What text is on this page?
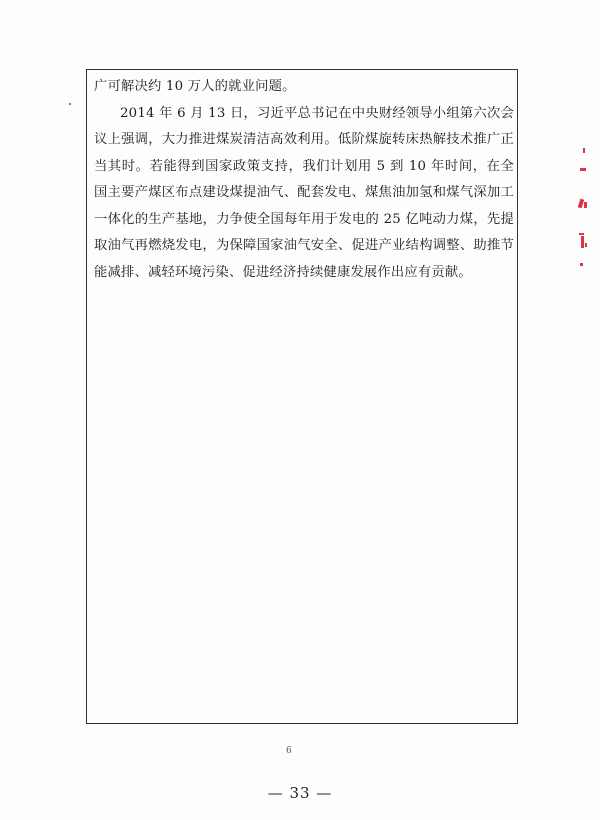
广可解决约 10 万人的就业问题。

2014 年 6 月 13 日，习近平总书记在中央财经领导小组第六次会议上强调，大力推进煤炭清洁高效利用。低阶煤旋转床热解技术推广正当其时。若能得到国家政策支持，我们计划用 5 到 10 年时间，在全国主要产煤区布点建设煤提油气、配套发电、煤焦油加氢和煤气深加工一体化的生产基地，力争使全国每年用于发电的 25 亿吨动力煤，先提取油气再燃烧发电，为保障国家油气安全、促进产业结构调整、助推节能减排、减轻环境污染、促进经济持续健康发展作出应有贡献。

6
— 33 —
